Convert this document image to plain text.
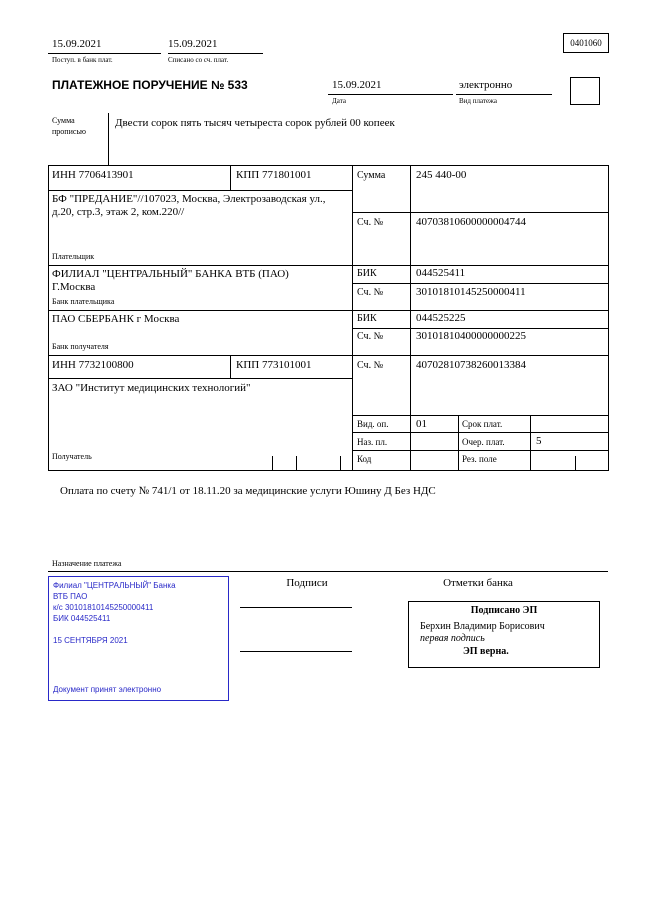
15.09.2021
Поступ. в банк плат.
15.09.2021
Списано со сч. плат.
0401060
ПЛАТЕЖНОЕ ПОРУЧЕНИЕ № 533	15.09.2021
Дата
электронно
Вид платежа
Сумма
прописью
Двести сорок пять тысяч четыреста сорок рублей 00 копеек
ИНН 7706413901	КПП 771801001	Сумма	245 440-00
БФ "ПРЕДАНИЕ"//107023, Москва, Электрозаводская ул., д.20, стр.3, этаж 2, ком.220//
Сч. №	40703810600000004744
Плательщик
ФИЛИАЛ "ЦЕНТРАЛЬНЫЙ" БАНКА ВТБ (ПАО) Г.Москва
БИК	044525411
Сч. №	30101810145250000411
Банк плательщика
ПАО СБЕРБАНК г Москва	БИК	044525225
Сч. №	30101810400000000225
Банк получателя
ИНН 7732100800	КПП 773101001	Сч. №	40702810738260013384
ЗАО "Институт медицинских технологий"
Получатель
Вид. оп.	01	Срок плат.
Наз. пл.	Очер. плат.	5
Код	Рез. поле
Оплата по счету № 741/1 от 18.11.20 за медицинские услуги Юшину Д Без НДС
Назначение платежа
Подписи	Отметки банка
Филиал "ЦЕНТРАЛЬНЫЙ" Банка
ВТБ ПАО
к/с 30101810145250000411
БИК 044525411
15 СЕНТЯБРЯ 2021
Документ принят электронно
Подписано ЭП
Берхин Владимир Борисович
первая подпись
ЭП верна.
